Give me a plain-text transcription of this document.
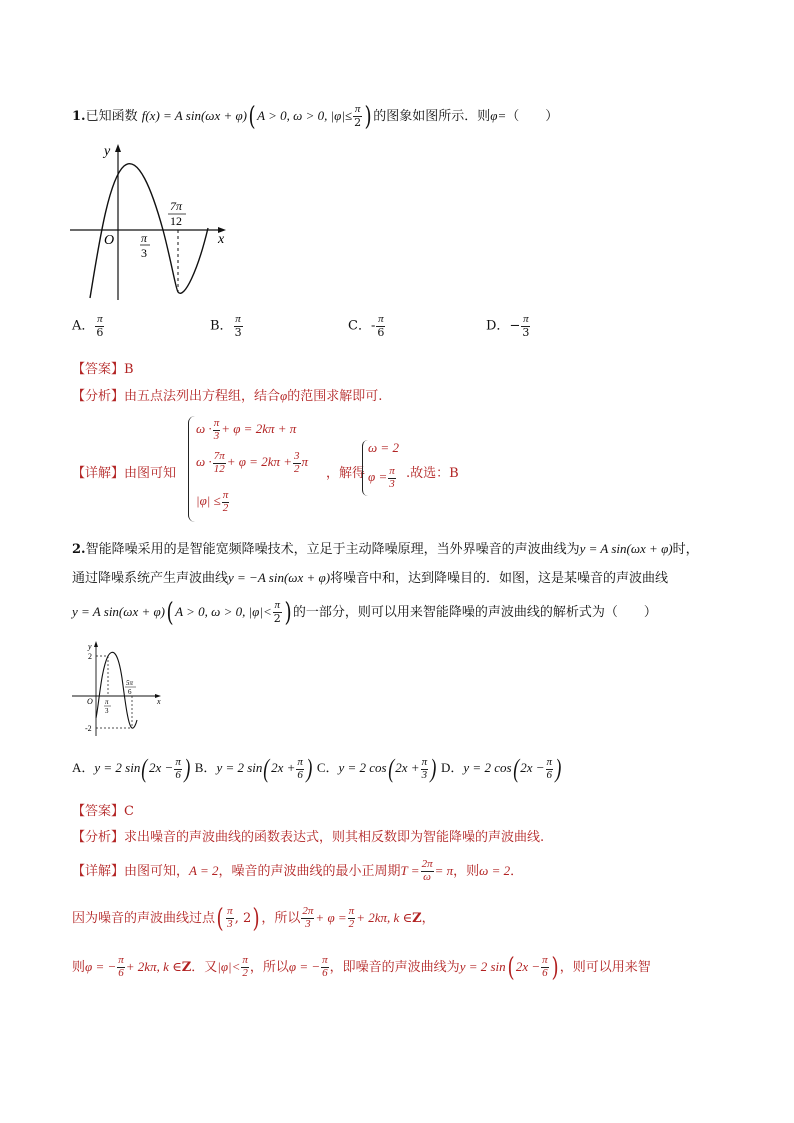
1.已知函数 f(x) = A sin(ωx + φ)( A > 0, ω > 0, $|\varphi|\le \frac{\pi}{2}$ ) 的图象如图所示．则φ=（　　）
y
x
O π
3
7π
12
A． $\frac{\pi}{6}$	B． $\frac{\pi}{3}$	C．- $\frac{\pi}{6}$	D．− $\frac{\pi}{3}$
【答案】B
【分析】由五点法列出方程组，结合φ的范围求解即可.
【详解】由图可知
$\omega \cdot \frac{\pi}{3} + \varphi = 2k\pi + \pi$
$\omega \cdot \frac{7\pi}{12} + \varphi = 2k\pi + \frac{3}{2}$ π
$|\varphi| \le \frac{\pi}{2}$
，解得
ω = 2
$\varphi = \frac{\pi}{3}$ .故选：B
2.智能降噪采用的是智能宽频降噪技术，立足于主动降噪原理，当外界噪音的声波曲线为y = A sin(ωx + φ)时，
通过降噪系统产生声波曲线y = −A sin(ωx + φ)将噪音中和，达到降噪目的．如图，这是某噪音的声波曲线
y = A sin(ωx + φ)( A > 0, ω > 0, $|\varphi|< \frac{\pi}{2}$ ) 的一部分，则可以用来智能降噪的声波曲线的解析式为（　　）
y
x
O
2
-2
π
3
5π
6
A．y = 2 $\sin(2x - \frac{\pi}{6}$ ) B．y = 2 $\sin(2x + \frac{\pi}{6}$ ) C．y = 2 $\cos(2x + \frac{\pi}{3}$ ) D．y = 2 $\cos(2x - \frac{\pi}{6}$ )
【答案】C
【分析】求出噪音的声波曲线的函数表达式，则其相反数即为智能降噪的声波曲线.
【详解】由图可知，A = 2，噪音的声波曲线的最小正周期$T = \frac{2\pi}{\omega} = \pi$，则ω = 2．
因为噪音的声波曲线过点( $\frac{\pi}{3}$ , 2) ，所以 $\frac{2\pi}{3} + \varphi = \frac{\pi}{2} + 2k\pi$, k ∈Z，
则φ = − $\frac{\pi}{6} + 2k\pi$, k ∈Z．又$|\varphi|< \frac{\pi}{2}$ ，所以φ = − $\frac{\pi}{6}$ ，即噪音的声波曲线为y = 2 sin( $2x - \frac{\pi}{6}$ ) ，则可以用来智
